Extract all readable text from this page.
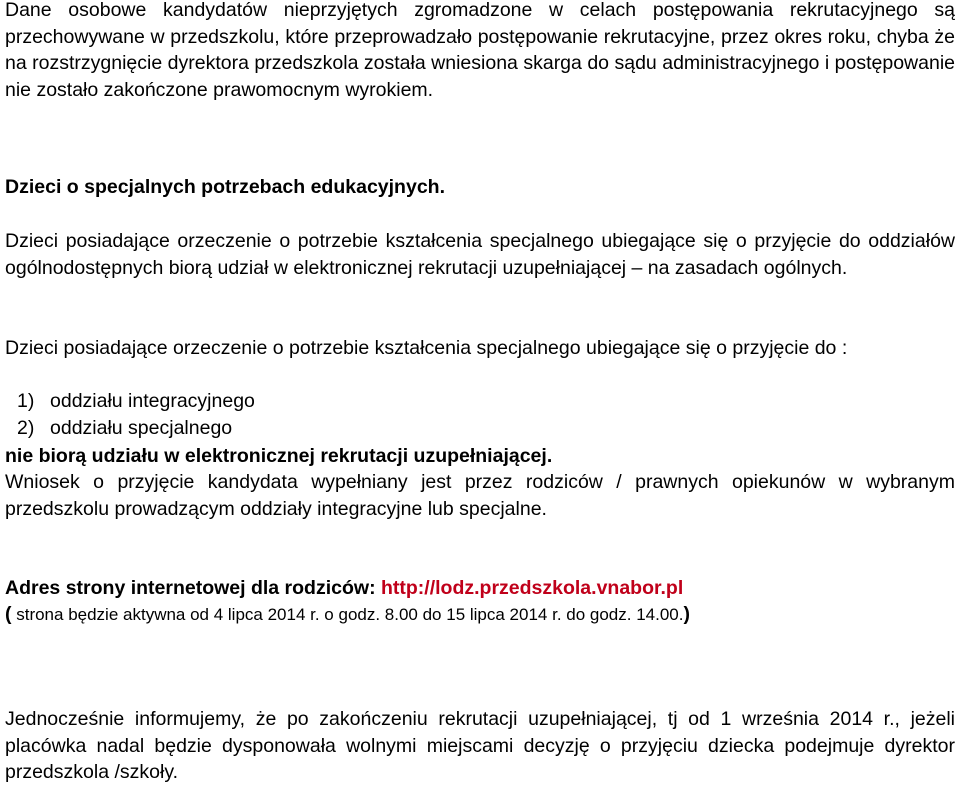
Dane osobowe kandydatów nieprzyjętych zgromadzone w celach postępowania rekrutacyjnego są przechowywane w przedszkolu, które przeprowadzało postępowanie rekrutacyjne, przez okres roku, chyba że na rozstrzygnięcie dyrektora przedszkola została wniesiona skarga do sądu administracyjnego i postępowanie nie zostało zakończone prawomocnym wyrokiem.

Dzieci o specjalnych potrzebach edukacyjnych.

Dzieci posiadające orzeczenie o potrzebie kształcenia specjalnego ubiegające się o przyjęcie do oddziałów ogólnodostępnych biorą udział w elektronicznej rekrutacji uzupełniającej – na zasadach ogólnych.

Dzieci posiadające orzeczenie o potrzebie kształcenia specjalnego ubiegające się o przyjęcie do :

1) oddziału integracyjnego
2) oddziału specjalnego

nie biorą udziału w elektronicznej rekrutacji uzupełniającej.

Wniosek o przyjęcie kandydata wypełniany jest przez rodziców / prawnych opiekunów w wybranym przedszkolu prowadzącym oddziały integracyjne lub specjalne.

Adres strony internetowej dla rodziców: http://lodz.przedszkola.vnabor.pl

( strona będzie aktywna od 4 lipca 2014 r. o godz. 8.00 do 15 lipca 2014 r. do godz. 14.00.)

Jednocześnie informujemy, że po zakończeniu rekrutacji uzupełniającej, tj od 1 września 2014 r., jeżeli placówka nadal będzie dysponowała wolnymi miejscami decyzję o przyjęciu dziecka podejmuje dyrektor przedszkola /szkoły.
